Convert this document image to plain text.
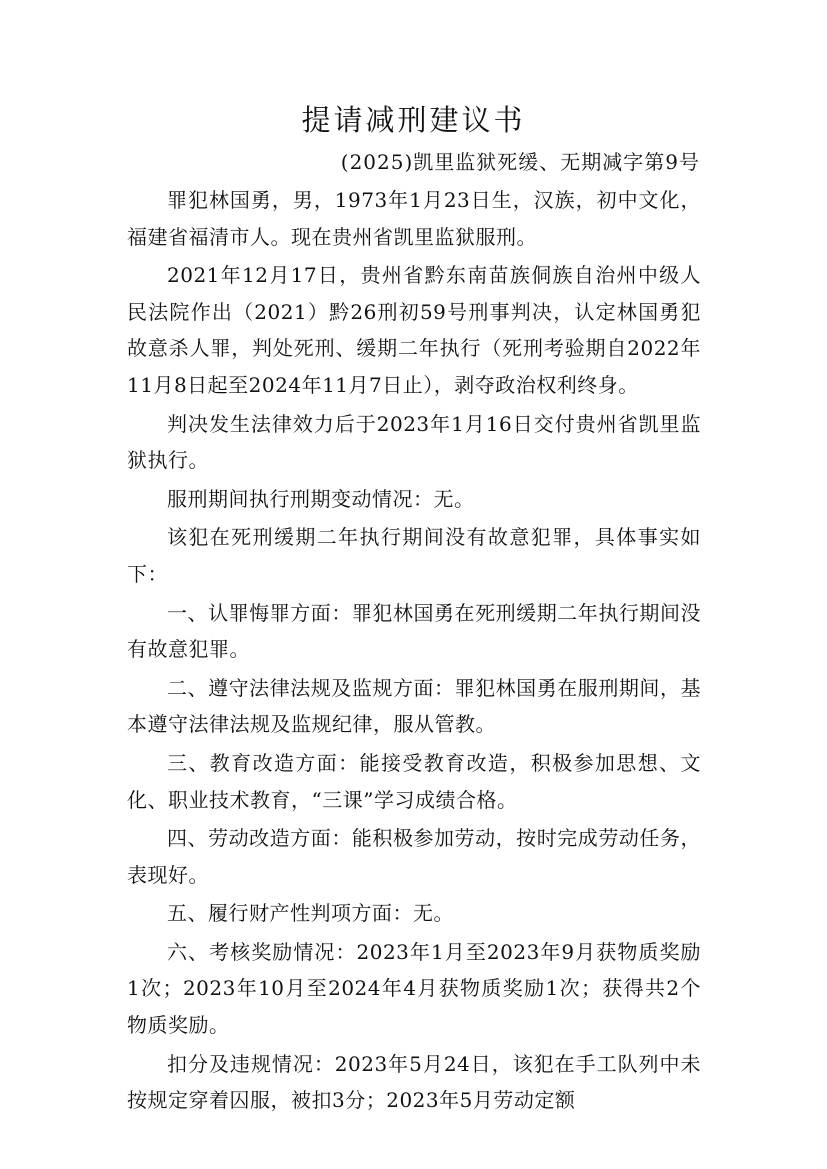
提请减刑建议书
(2025)凯里监狱死缓、无期减字第9号

罪犯林国勇，男，1973年1月23日生，汉族，初中文化，福建省福清市人。现在贵州省凯里监狱服刑。

2021年12月17日，贵州省黔东南苗族侗族自治州中级人民法院作出（2021）黔26刑初59号刑事判决，认定林国勇犯故意杀人罪，判处死刑、缓期二年执行（死刑考验期自2022年11月8日起至2024年11月7日止），剥夺政治权利终身。

判决发生法律效力后于2023年1月16日交付贵州省凯里监狱执行。

服刑期间执行刑期变动情况：无。

该犯在死刑缓期二年执行期间没有故意犯罪，具体事实如下：

一、认罪悔罪方面：罪犯林国勇在死刑缓期二年执行期间没有故意犯罪。

二、遵守法律法规及监规方面：罪犯林国勇在服刑期间，基本遵守法律法规及监规纪律，服从管教。

三、教育改造方面：能接受教育改造，积极参加思想、文化、职业技术教育，“三课”学习成绩合格。

四、劳动改造方面：能积极参加劳动，按时完成劳动任务，表现好。

五、履行财产性判项方面：无。

六、考核奖励情况：2023年1月至2023年9月获物质奖励1次；2023年10月至2024年4月获物质奖励1次；获得共2个物质奖励。

扣分及违规情况：2023年5月24日，该犯在手工队列中未按规定穿着囚服，被扣3分；2023年5月劳动定额
